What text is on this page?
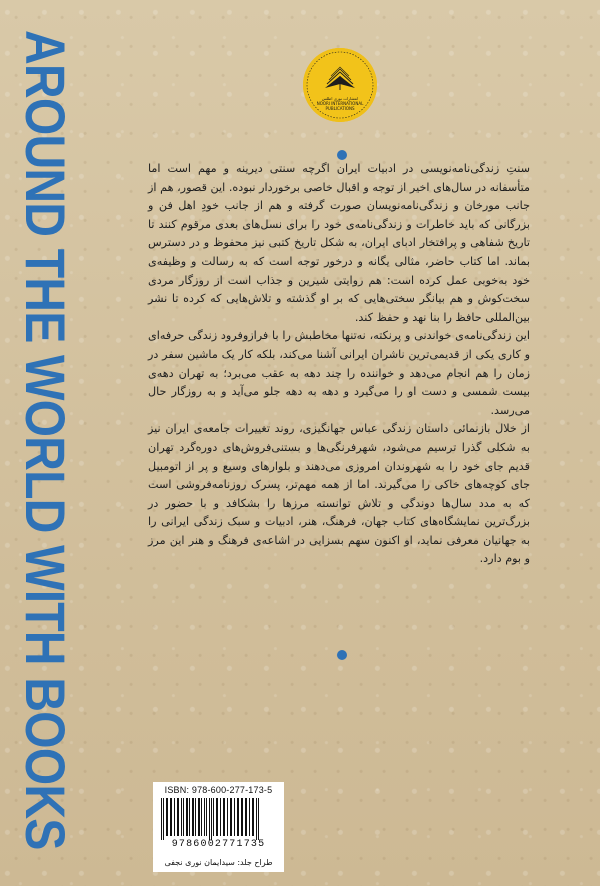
AROUND THE WORLD WITH BOOKS	انتشارات نوری اطلس
NOORI INTERNATIONAL
PUBLICATIONS

سنتِ زندگی‌نامه‌نویسی در ادبیات ایران اگرچه سنتی دیرینه و مهم است اما متأسفانه در سال‌های اخیر از توجه و اقبال خاصی برخوردار نبوده. این قصور، هم از جانب مورخان و زندگی‌نامه‌نویسان صورت گرفته و هم از جانب خودِ اهل فن و بزرگانی که باید خاطرات و زندگی‌نامه‌ی خود را برای نسل‌های بعدی مرقوم کنند تا تاریخ شفاهی و پرافتخار ادبای ایران، به شکل تاریخ کتبی نیز محفوظ و در دسترس بماند. اما کتاب حاضر، مثالی یگانه و درخور توجه است که به رسالت و وظیفه‌ی خود به‌خوبی عمل کرده است: هم روایتی شیرین و جذاب است از روزگار مردی سخت‌کوش و هم بیانگر سختی‌هایی که بر او گذشته و تلاش‌هایی که کرده تا نشر بین‌المللی حافظ را بنا نهد و حفظ کند.

این زندگی‌نامه‌ی خواندنی و پرنکته، نه‌تنها مخاطبش را با فرازوفرود زندگی حرفه‌ای و کاری یکی از قدیمی‌ترین ناشران ایرانی آشنا می‌کند، بلکه کار یک ماشین سفر در زمان را هم انجام می‌دهد و خواننده را چند دهه به عقب می‌برد؛ به تهران دهه‌ی بیست شمسی و دست او را می‌گیرد و دهه به دهه جلو می‌آید و به روزگار حال می‌رسد.

از خلال بازنمائی داستان زندگی عباس جهانگیزی، روند تغییرات جامعه‌ی ایران نیز به شکلی گذرا ترسیم می‌شود، شهرفرنگی‌ها و بستنی‌فروش‌های دوره‌گرد تهران قدیم جای خود را به شهروندان امروزی می‌دهند و بلوارهای وسیع و پر از اتومبیل جای کوچه‌های خاکی را می‌گیرند. اما از همه مهم‌تر، پسرک روزنامه‌فروشی است که به مدد سال‌ها دوندگی و تلاش توانسته مرزها را بشکافد و با حضور در بزرگ‌ترین نمایشگاه‌های کتاب جهان، فرهنگ، هنر، ادبیات و سبک زندگی ایرانی را به جهانیان معرفی نماید، او اکنون سهم بسزایی در اشاعه‌ی فرهنگ و هنر این مرز و بوم دارد.

ISBN: 978-600-277-173-5
9786002771735
طراح جلد: سیدایمان نوری نجفی
